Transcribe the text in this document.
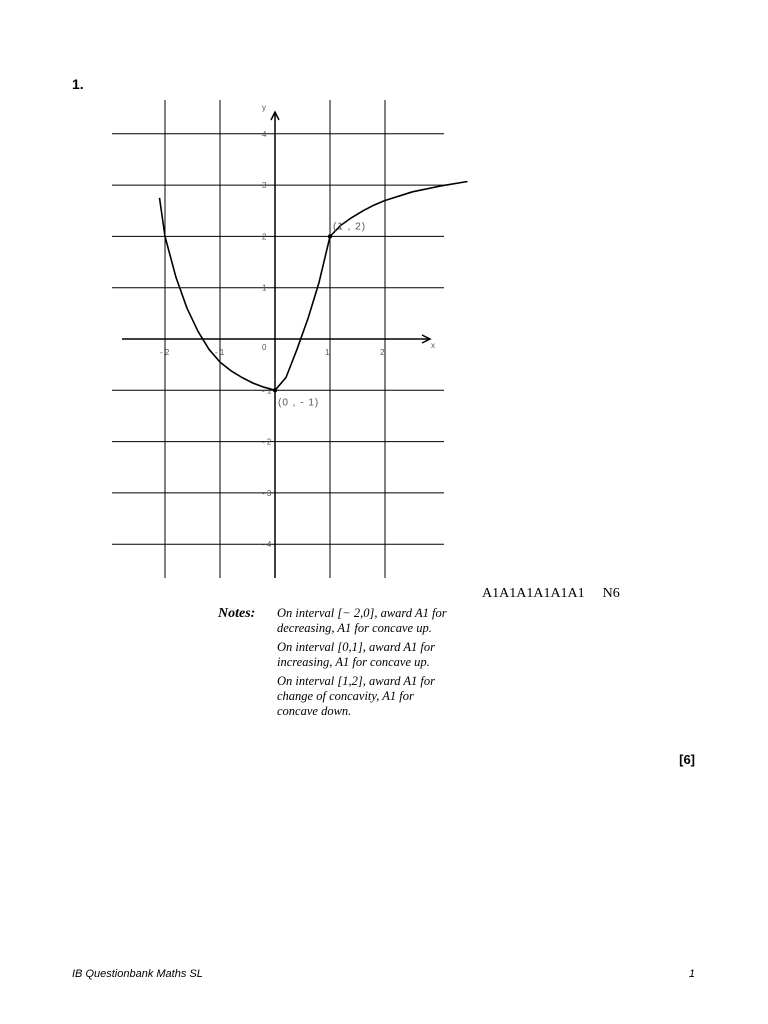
1.
x
y
0
- 2	- 1	1	2
4
3
2
1
- 1
- 2
- 3
- 4
(1 , 2)
(0 , - 1)
A1A1A1A1A1A1 N6
Notes: On interval [− 2,0], award A1 for decreasing, A1 for concave up.

On interval [0,1], award A1 for increasing, A1 for concave up.

On interval [1,2], award A1 for change of concavity, A1 for concave down.

[6]
IB Questionbank Maths SL	1
